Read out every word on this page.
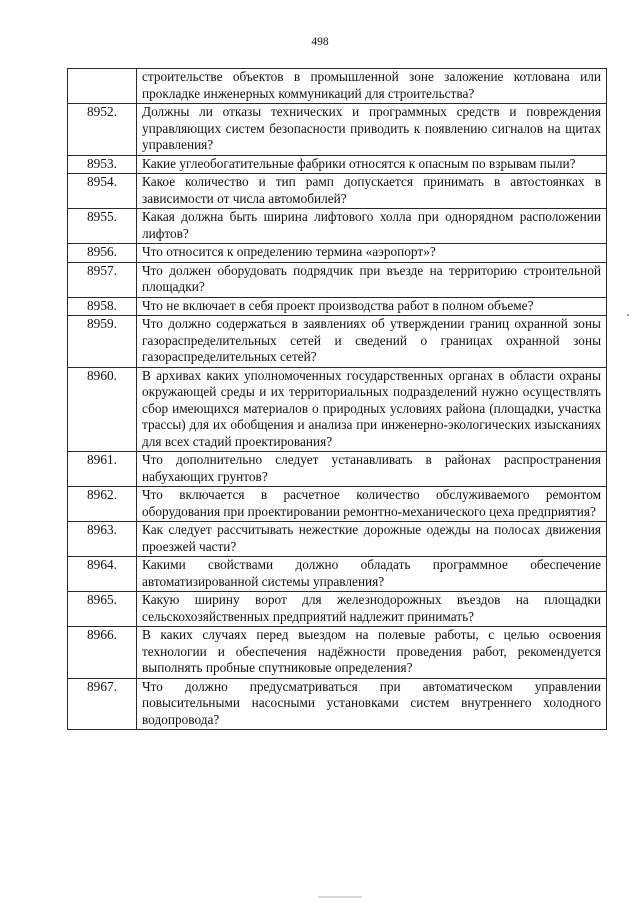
498
	строительстве объектов в промышленной зоне заложение котлована или прокладке инженерных коммуникаций для строительства?
8952.	Должны ли отказы технических и программных средств и повреждения управляющих систем безопасности приводить к появлению сигналов на щитах управления?
8953.	Какие углеобогатительные фабрики относятся к опасным по взрывам пыли?
8954.	Какое количество и тип рамп допускается принимать в автостоянках в зависимости от числа автомобилей?
8955.	Какая должна быть ширина лифтового холла при однорядном расположении лифтов?
8956.	Что относится к определению термина «аэропорт»?
8957.	Что должен оборудовать подрядчик при въезде на территорию строительной площадки?
8958.	Что не включает в себя проект производства работ в полном объеме?
8959.	Что должно содержаться в заявлениях об утверждении границ охранной зоны газораспределительных сетей и сведений о границах охранной зоны газораспределительных сетей?
8960.	В архивах каких уполномоченных государственных органах в области охраны окружающей среды и их территориальных подразделений нужно осуществлять сбор имеющихся материалов о природных условиях района (площадки, участка трассы) для их обобщения и анализа при инженерно-экологических изысканиях для всех стадий проектирования?
8961.	Что дополнительно следует устанавливать в районах распространения набухающих грунтов?
8962.	Что включается в расчетное количество обслуживаемого ремонтом оборудования при проектировании ремонтно-механического цеха предприятия?
8963.	Как следует рассчитывать нежесткие дорожные одежды на полосах движения проезжей части?
8964.	Какими свойствами должно обладать программное обеспечение автоматизированной системы управления?
8965.	Какую ширину ворот для железнодорожных въездов на площадки сельскохозяйственных предприятий надлежит принимать?
8966.	В каких случаях перед выездом на полевые работы, с целью освоения технологии и обеспечения надёжности проведения работ, рекомендуется выполнять пробные спутниковые определения?
8967.	Что должно предусматриваться при автоматическом управлении повысительными насосными установками систем внутреннего холодного водопровода?
